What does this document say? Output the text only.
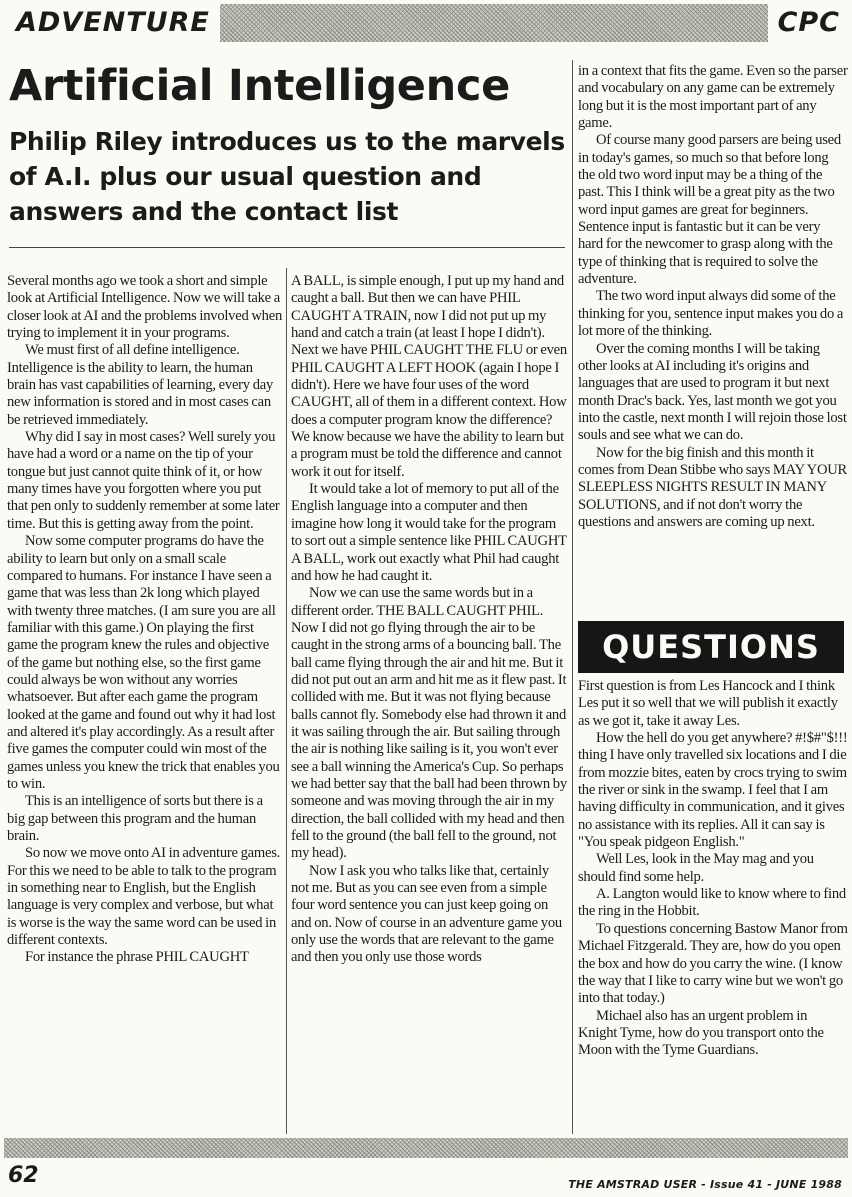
ADVENTURE	CPC
Artificial Intelligence
Philip Riley introduces us to the marvels of A.I. plus our usual question and answers and the contact list

Several months ago we took a short and simple look at Artificial Intelligence. Now we will take a closer look at AI and the problems involved when trying to implement it in your programs.

We must first of all define intelligence. Intelligence is the ability to learn, the human brain has vast capabilities of learning, every day new information is stored and in most cases can be retrieved immediately.

Why did I say in most cases? Well surely you have had a word or a name on the tip of your tongue but just cannot quite think of it, or how many times have you forgotten where you put that pen only to suddenly remember at some later time. But this is getting away from the point.

Now some computer programs do have the ability to learn but only on a small scale compared to humans. For instance I have seen a game that was less than 2k long which played with twenty three matches. (I am sure you are all familiar with this game.) On playing the first game the program knew the rules and objective of the game but nothing else, so the first game could always be won without any worries whatsoever. But after each game the program looked at the game and found out why it had lost and altered it's play accordingly. As a result after five games the computer could win most of the games unless you knew the trick that enables you to win.

This is an intelligence of sorts but there is a big gap between this program and the human brain.

So now we move onto AI in adventure games. For this we need to be able to talk to the program in something near to English, but the English language is very complex and verbose, but what is worse is the way the same word can be used in different contexts.

For instance the phrase PHIL CAUGHT

A BALL, is simple enough, I put up my hand and caught a ball. But then we can have PHIL CAUGHT A TRAIN, now I did not put up my hand and catch a train (at least I hope I didn't). Next we have PHIL CAUGHT THE FLU or even PHIL CAUGHT A LEFT HOOK (again I hope I didn't). Here we have four uses of the word CAUGHT, all of them in a different context. How does a computer program know the difference? We know because we have the ability to learn but a program must be told the difference and cannot work it out for itself.

It would take a lot of memory to put all of the English language into a computer and then imagine how long it would take for the program to sort out a simple sentence like PHIL CAUGHT A BALL, work out exactly what Phil had caught and how he had caught it.

Now we can use the same words but in a different order. THE BALL CAUGHT PHIL. Now I did not go flying through the air to be caught in the strong arms of a bouncing ball. The ball came flying through the air and hit me. But it did not put out an arm and hit me as it flew past. It collided with me. But it was not flying because balls cannot fly. Somebody else had thrown it and it was sailing through the air. But sailing through the air is nothing like sailing is it, you won't ever see a ball winning the America's Cup. So perhaps we had better say that the ball had been thrown by someone and was moving through the air in my direction, the ball collided with my head and then fell to the ground (the ball fell to the ground, not my head).

Now I ask you who talks like that, certainly not me. But as you can see even from a simple four word sentence you can just keep going on and on. Now of course in an adventure game you only use the words that are relevant to the game and then you only use those words

in a context that fits the game. Even so the parser and vocabulary on any game can be extremely long but it is the most important part of any game.

Of course many good parsers are being used in today's games, so much so that before long the old two word input may be a thing of the past. This I think will be a great pity as the two word input games are great for beginners. Sentence input is fantastic but it can be very hard for the newcomer to grasp along with the type of thinking that is required to solve the adventure.

The two word input always did some of the thinking for you, sentence input makes you do a lot more of the thinking.

Over the coming months I will be taking other looks at AI including it's origins and languages that are used to program it but next month Drac's back. Yes, last month we got you into the castle, next month I will rejoin those lost souls and see what we can do.

Now for the big finish and this month it comes from Dean Stibbe who says MAY YOUR SLEEPLESS NIGHTS RESULT IN MANY SOLUTIONS, and if not don't worry the questions and answers are coming up next.

QUESTIONS

First question is from Les Hancock and I think Les put it so well that we will publish it exactly as we got it, take it away Les.

How the hell do you get anywhere? #!$#"$!!! thing I have only travelled six locations and I die from mozzie bites, eaten by crocs trying to swim the river or sink in the swamp. I feel that I am having difficulty in communication, and it gives no assistance with its replies. All it can say is "You speak pidgeon English."

Well Les, look in the May mag and you should find some help.

A. Langton would like to know where to find the ring in the Hobbit.

To questions concerning Bastow Manor from Michael Fitzgerald. They are, how do you open the box and how do you carry the wine. (I know the way that I like to carry wine but we won't go into that today.)

Michael also has an urgent problem in Knight Tyme, how do you transport onto the Moon with the Tyme Guardians.

62	THE AMSTRAD USER - Issue 41 - JUNE 1988
